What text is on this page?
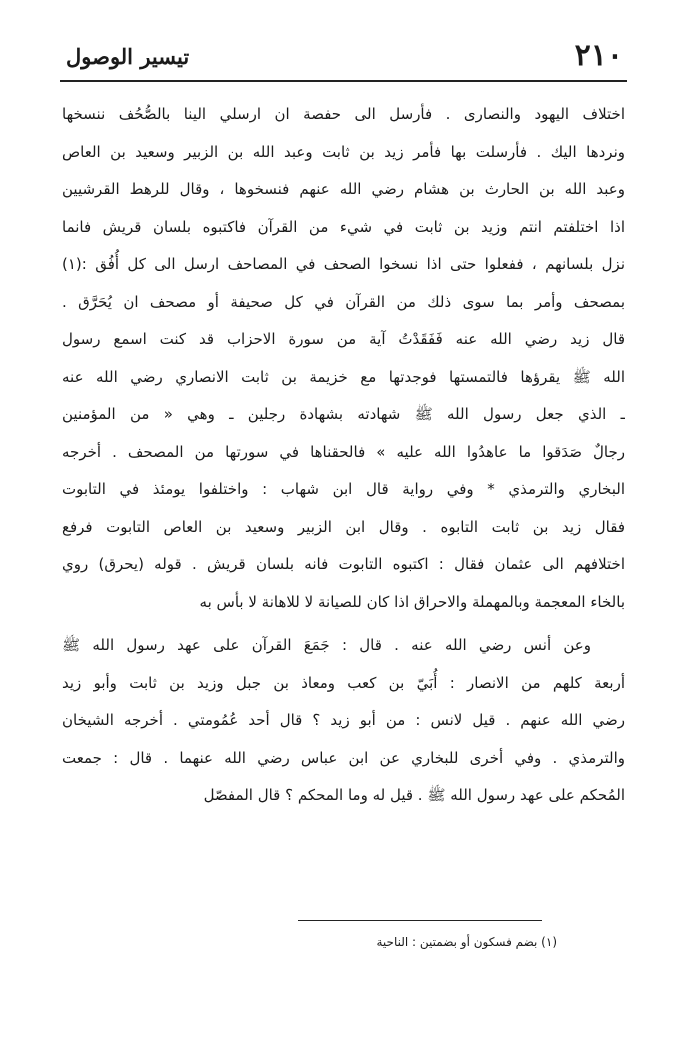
٢١٠
تيسير الوصول

اختلاف اليهود والنصارى . فأرسل الى حفصة ان ارسلي الينا بالصُّحُف ننسخها
ونردها اليك . فأرسلت بها فأمر زيد بن ثابت وعبد الله بن الزبير وسعيد بن العاص
وعبد الله بن الحارث بن هشام رضي الله عنهم فنسخوها ، وقال للرهط القرشيين
اذا اختلفتم انتم وزيد بن ثابت في شيء من القرآن فاكتبوه بلسان قريش فانما
نزل بلسانهم ، ففعلوا حتى اذا نسخوا الصحف في المصاحف ارسل الى كل أُفُق :(١)
بمصحف وأمر بما سوى ذلك من القرآن في كل صحيفة أو مصحف ان يُحَرَّق .
قال زيد رضي الله عنه فَفَقَدْتُ آية من سورة الاحزاب قد كنت اسمع رسول
الله ﷺ يقرؤها فالتمستها فوجدتها مع خزيمة بن ثابت الانصاري رضي الله عنه
ـ الذي جعل رسول الله ﷺ شهادته بشهادة رجلين ـ وهي « من المؤمنين
رجالٌ صَدَقوا ما عاهدُوا الله عليه » فالحقناها في سورتها من المصحف . أخرجه
البخاري والترمذي * وفي رواية قال ابن شهاب : واختلفوا يومئذ في التابوت
فقال زيد بن ثابت التابوه . وقال ابن الزبير وسعيد بن العاص التابوت فرفع
اختلافهم الى عثمان فقال : اكتبوه التابوت فانه بلسان قريش . قوله (يحرق) روي
بالخاء المعجمة وبالمهملة والاحراق اذا كان للصيانة لا للاهانة لا بأس به

وعن أنس رضي الله عنه . قال : جَمَعَ القرآن على عهد رسول الله ﷺ
أربعة كلهم من الانصار : أُبَيّ بن كعب ومعاذ بن جبل وزيد بن ثابت وأبو زيد
رضي الله عنهم . قيل لانس : من أبو زيد ؟ قال أحد عُمُومتي . أخرجه الشيخان
والترمذي . وفي أخرى للبخاري عن ابن عباس رضي الله عنهما . قال : جمعت
المُحكم على عهد رسول الله ﷺ . قيل له وما المحكم ؟ قال المفصّل

(١) بضم فسكون أو بضمتين : الناحية
